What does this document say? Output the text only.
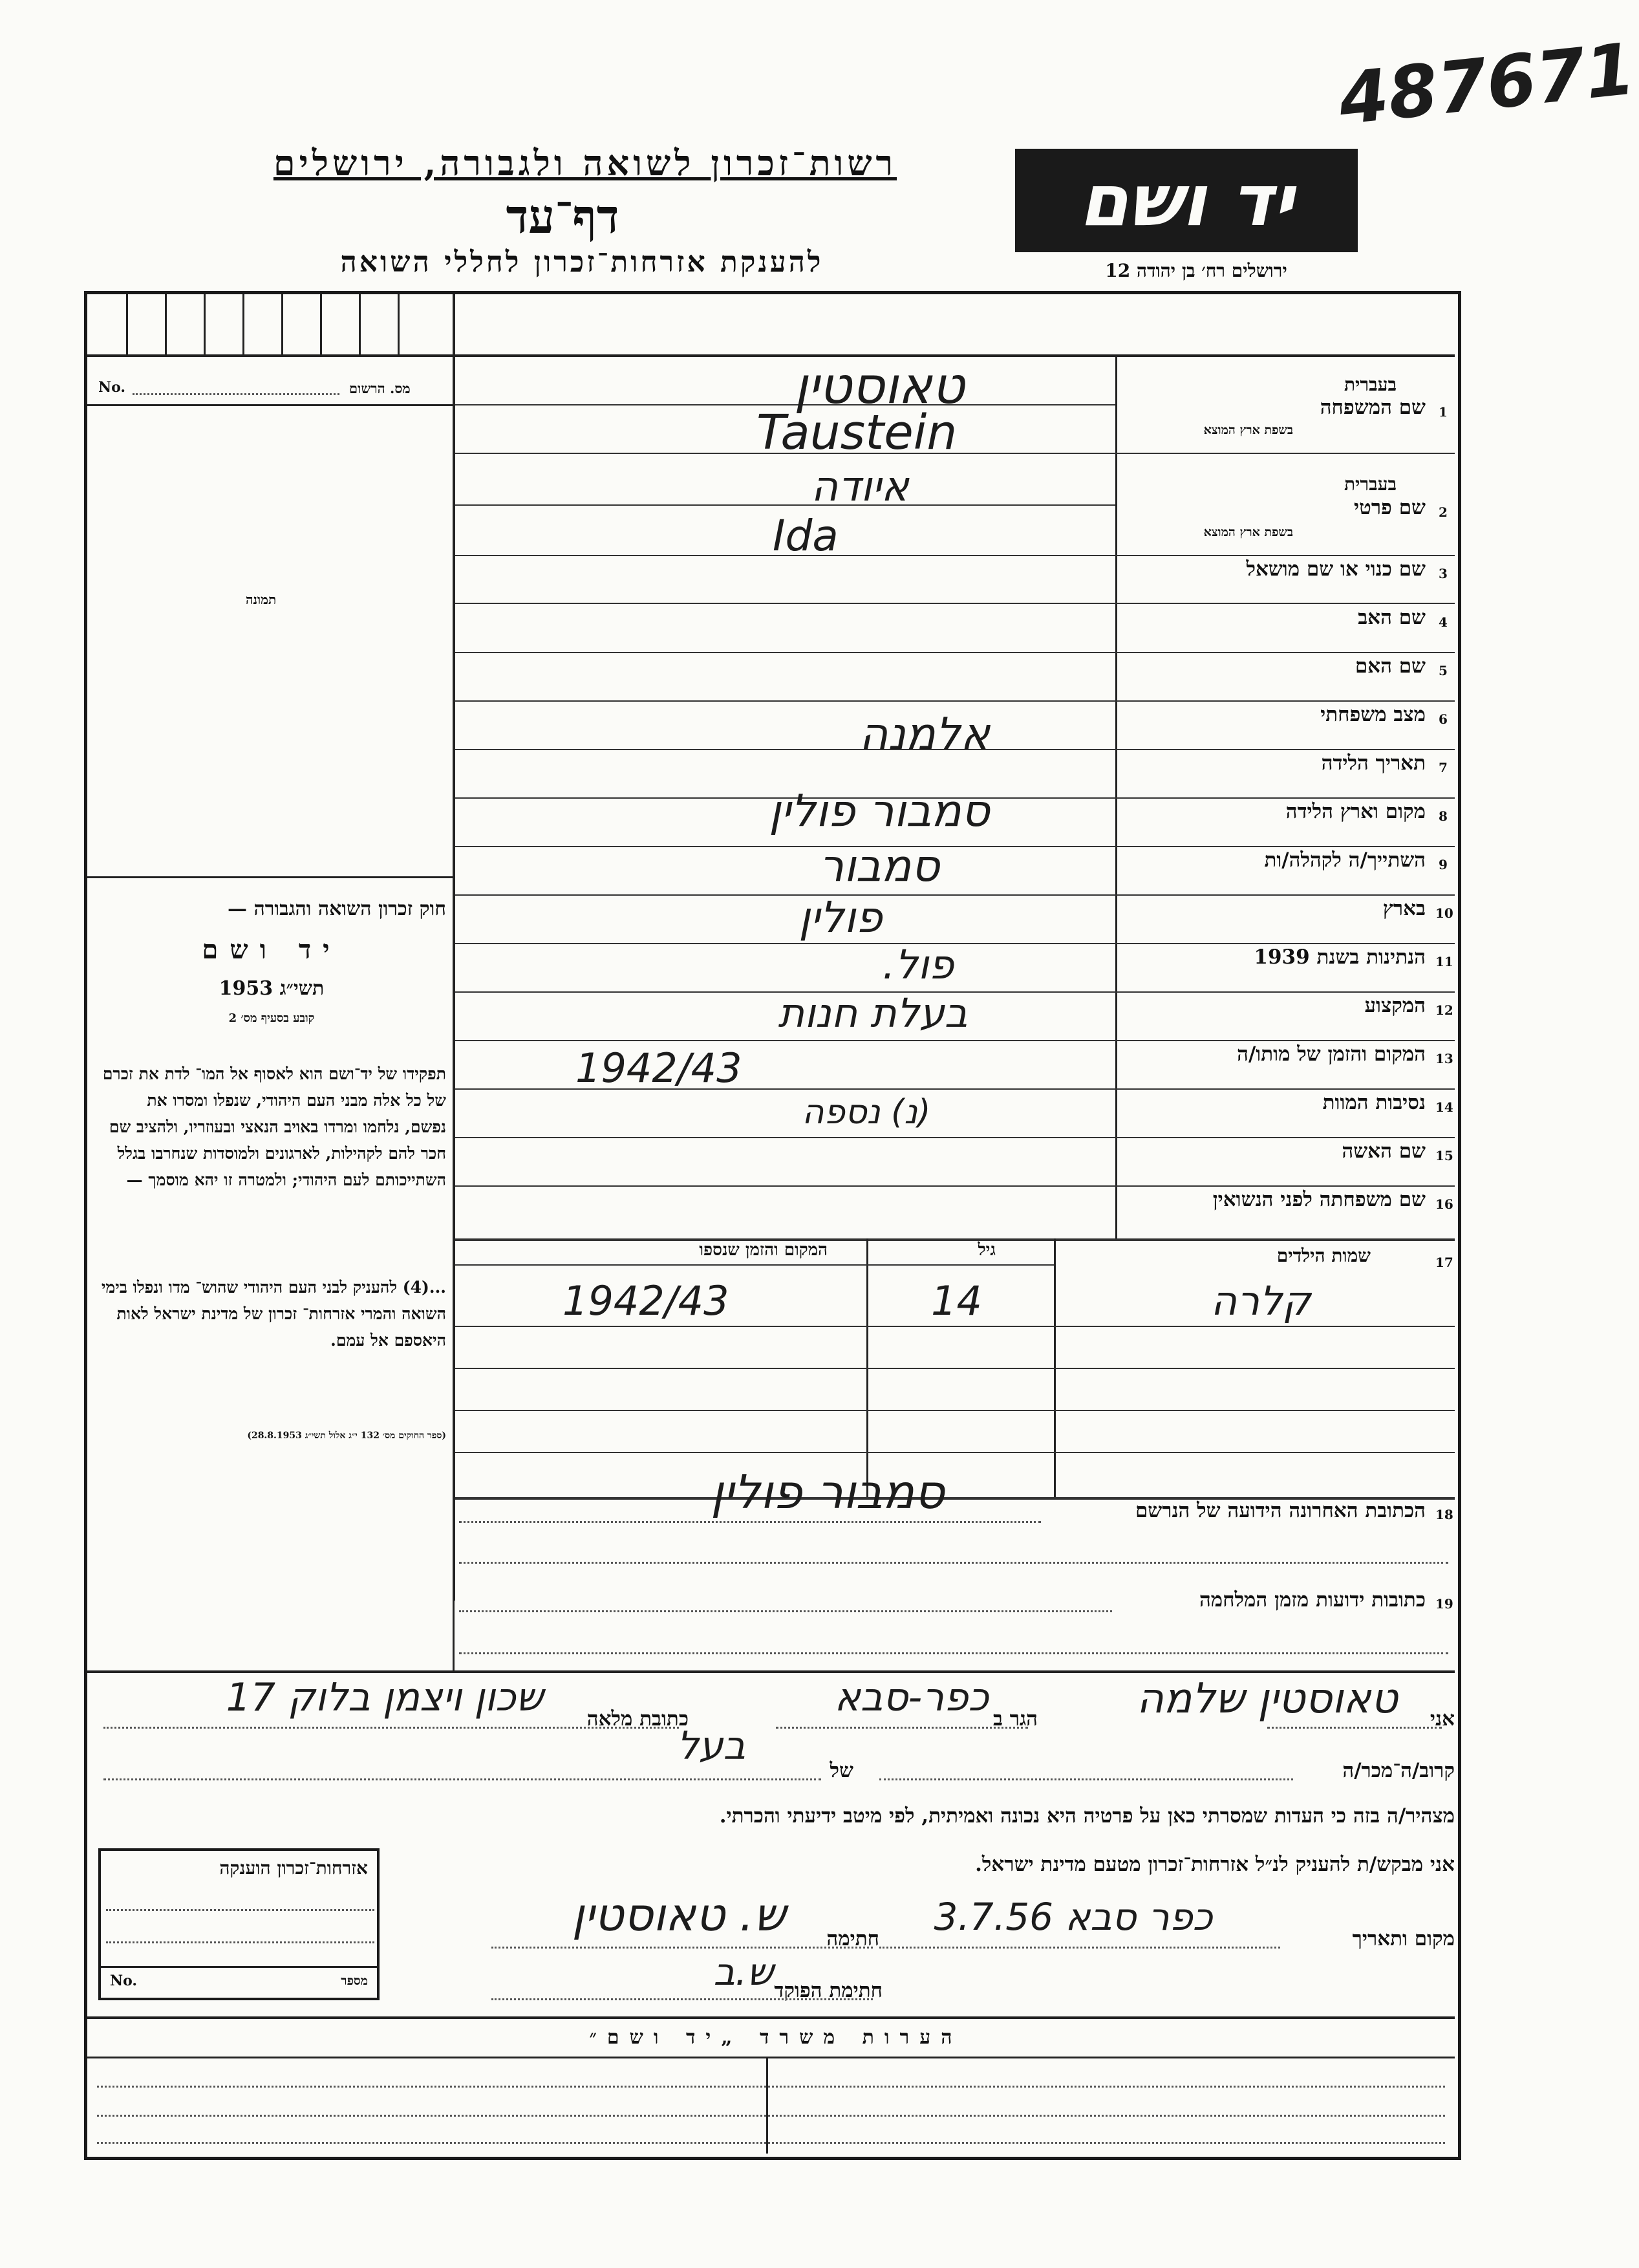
487671
רשות־זכרון לשואה ולגבורה, ירושלים
דף־עד
להענקת אזרחות־זכרון לחללי השואה
יד ושם
ירושלים רח׳ בן יהודה 12
No.	מס. הרשום
תמונה
חוק זכרון השואה והגבורה —
יד ושם
תשי״ג 1953
קובע בסעיף מס׳ 2
תפקידו של יד־ושם הוא לאסוף אל המו־ לדת את זכרם של כל אלה מבני העם היהודי, שנפלו ומסרו את נפשם, נלחמו ומרדו באויב הנאצי ובעוזריו, ולהציב שם חכר להם לקהילות, לארגונים ולמוסדות שנחרבו בגלל השתייכותם לעם היהודי; ולמטרה זו יהא מוסמך —
...(4) להעניק לבני העם היהודי שהוש־ מדו ונפלו בימי השואה והמרי אזרחות־ זכרון של מדינת ישראל לאות היאספם אל עמם.
(ספר החוקים מס׳ 132 י״ג אלול תשי״ג 28.8.1953)
1
שם המשפחה
בעברית
בשפת ארץ המוצא
2
שם פרטי
בעברית
בשפת ארץ המוצא
3
שם כנוי או שם מושאל
4
שם האב
5
שם האם
6
מצב משפחתי
7
תאריך הלידה
8
מקום וארץ הלידה
9
השתייך/ה לקהלה/ות
10
בארץ
11
הנתינות בשנת 1939
12
המקצוע
13
המקום והזמן של מותו/ה
14
נסיבות המוות
15
שם האשה
16
שם משפחתה לפני הנשואין
טאוסטין
Taustein
איודה
Ida
אלמנה
סמבור פולין
סמבור
פולין
פול.
בעלת חנות
1942/43
(נ) נספה
17
שמות הילדים
גיל
המקום והזמן שנספו
קלרה
14
1942/43
18
הכתובת האחרונה הידועה של הנרשם
סמבור פולין
19
כתובות ידועות מזמן המלחמה
אני
טאוסטין שלמה
הגר ב
כפר-סבא
כתובת מלאה
שכון ויצמן בלוק 17
קרוב/ה־מכר/ה
בעל
של
מצהיר/ה בזה כי העדות שמסרתי כאן על פרטיה היא נכונה ואמיתית, לפי מיטב ידיעתי והכרתי.
אני מבקש/ת להעניק לנ״ל אזרחות־זכרון מטעם מדינת ישראל.
מקום ותאריך
כפר סבא 3.7.56
חתימה
ש. טאוסטין
חתימת הפוקד
ש.ב
אזרחות־זכרון הוענקה
No.	מספר
הערות משרד „יד ושם״
